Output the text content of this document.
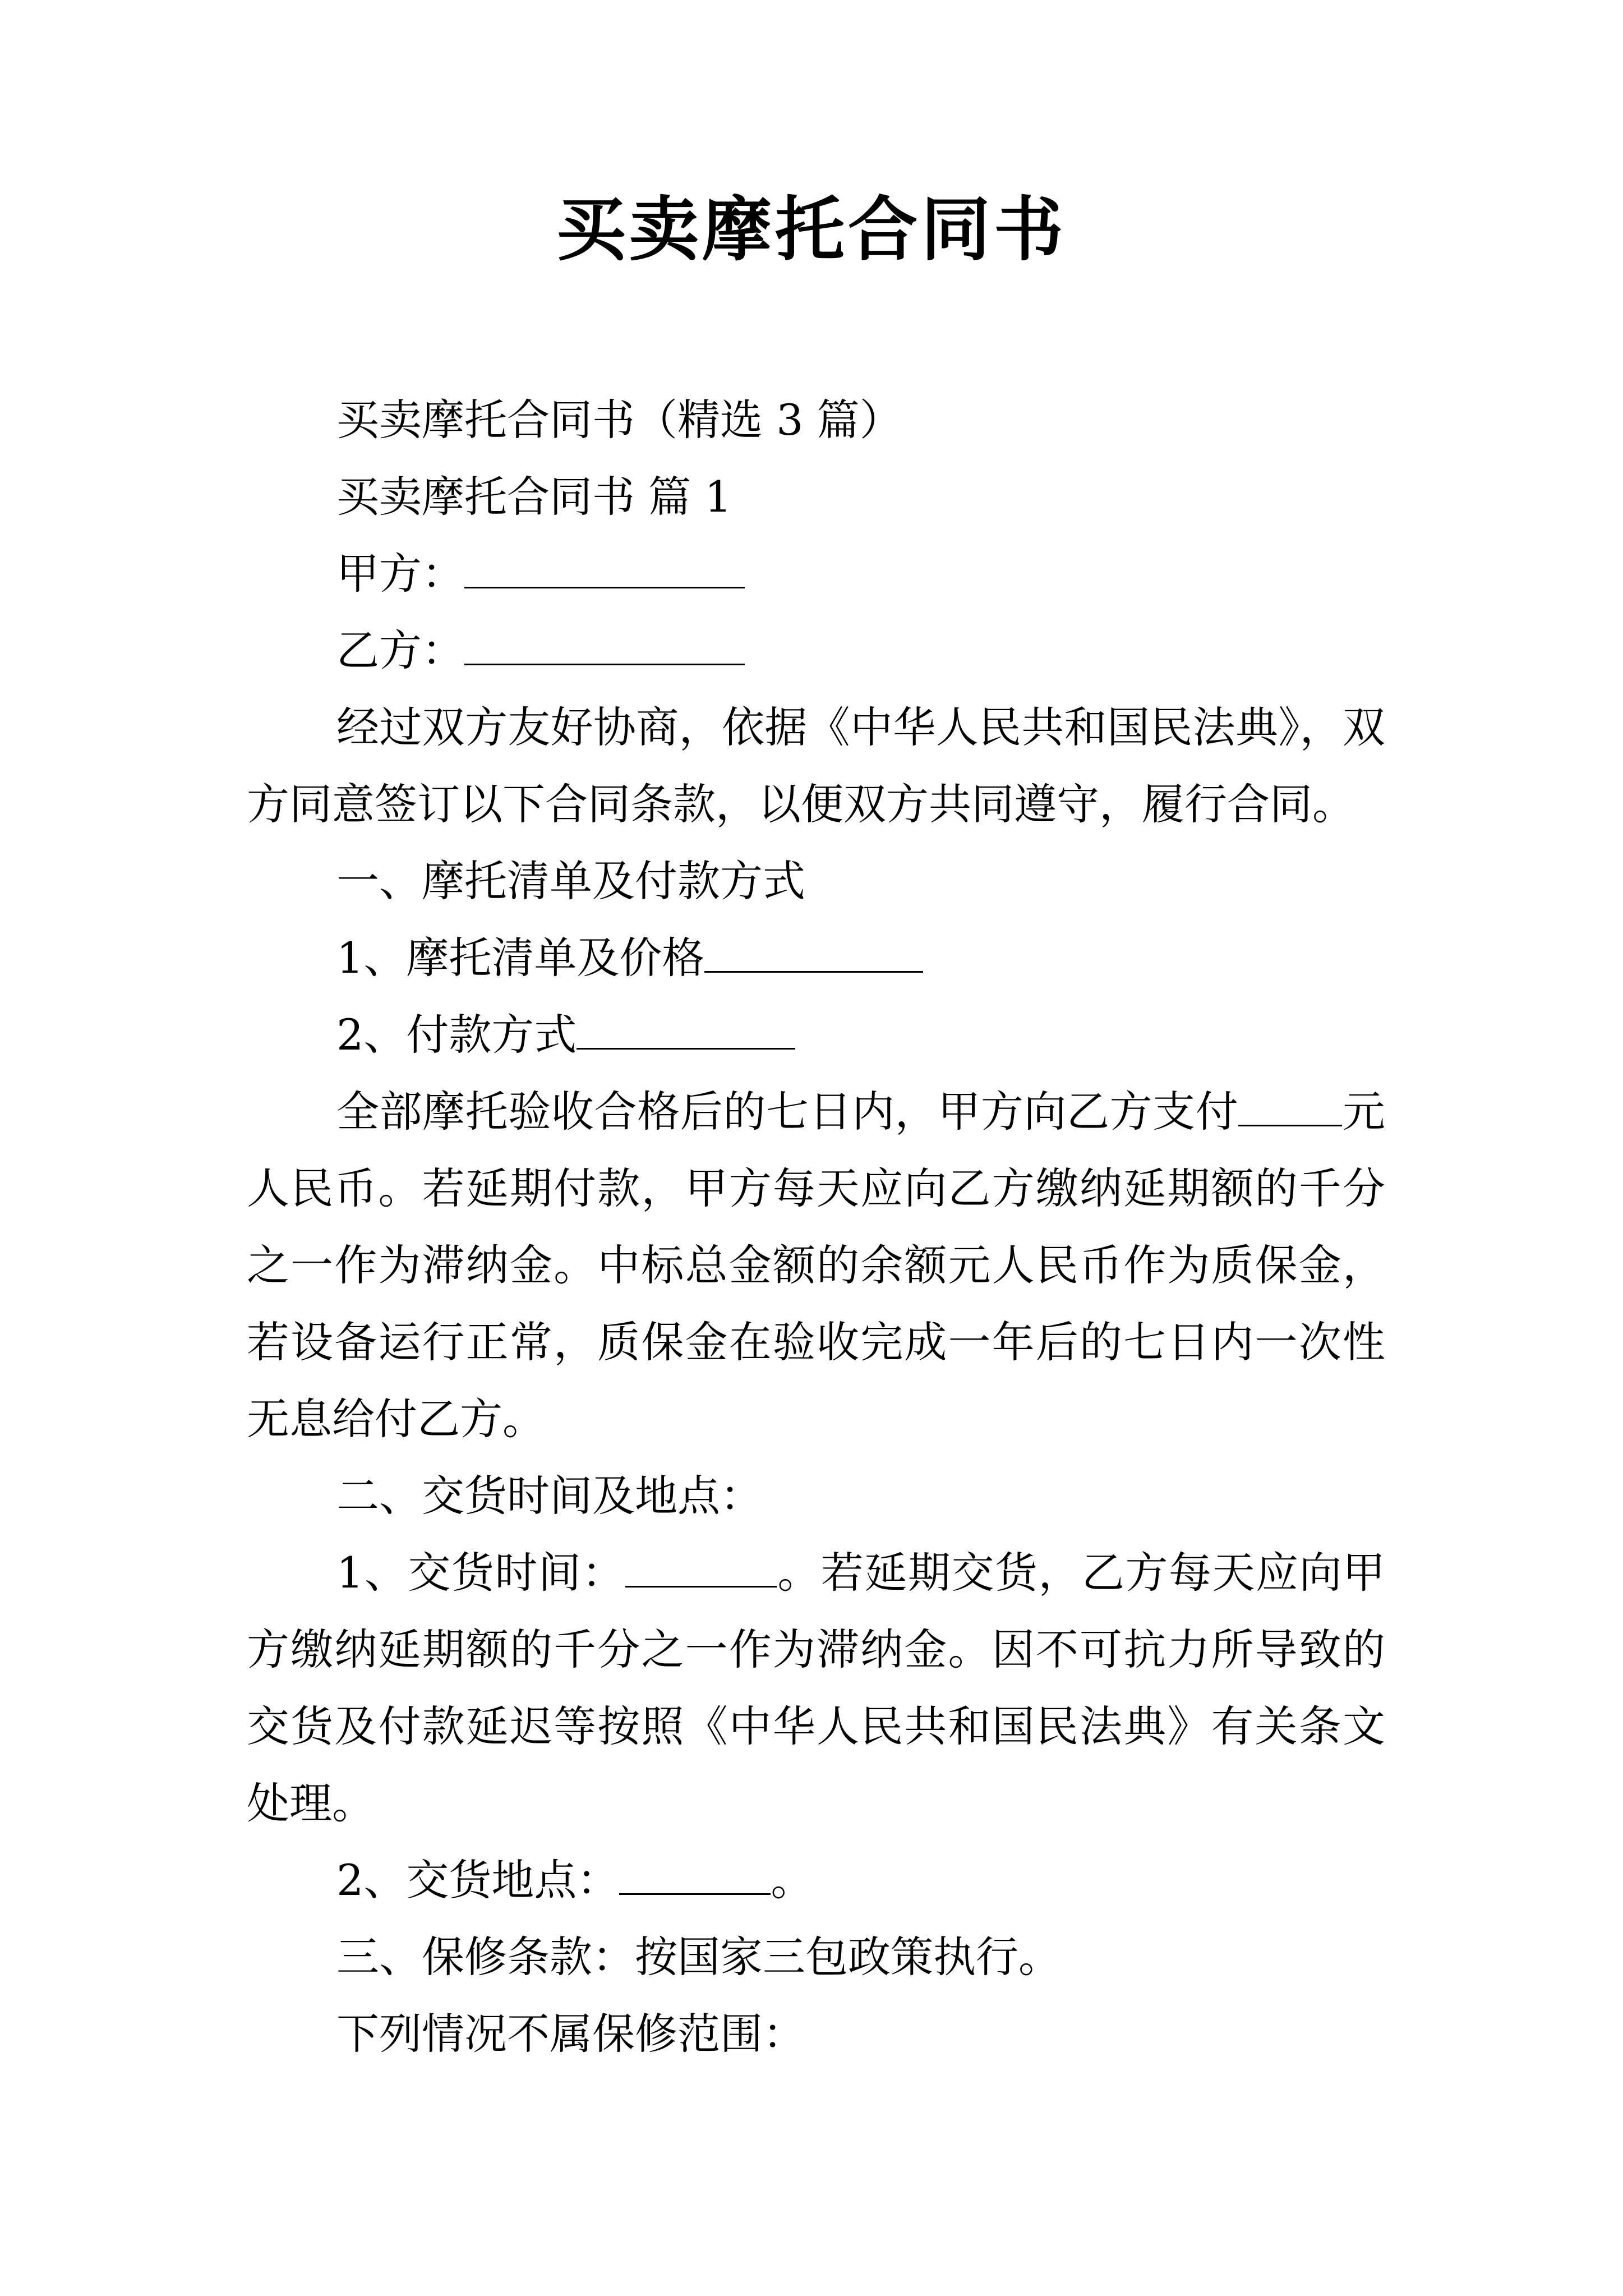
买卖摩托合同书

买卖摩托合同书（精选 3 篇）

买卖摩托合同书 篇 1

甲方：

乙方：

经过双方友好协商，依据《中华人民共和国民法典》，双方同意签订以下合同条款，以便双方共同遵守，履行合同。

一、摩托清单及付款方式

1、摩托清单及价格

2、付款方式

全部摩托验收合格后的七日内，甲方向乙方支付 元人民币。若延期付款，甲方每天应向乙方缴纳延期额的千分之一作为滞纳金。中标总金额的余额元人民币作为质保金，若设备运行正常，质保金在验收完成一年后的七日内一次性无息给付乙方。

二、交货时间及地点：

1、交货时间：	。若延期交货，乙方每天应向甲方缴纳延期额的千分之一作为滞纳金。因不可抗力所导致的交货及付款延迟等按照《中华人民共和国民法典》有关条文处理。

2、交货地点：	。

三、保修条款：按国家三包政策执行。

下列情况不属保修范围：
